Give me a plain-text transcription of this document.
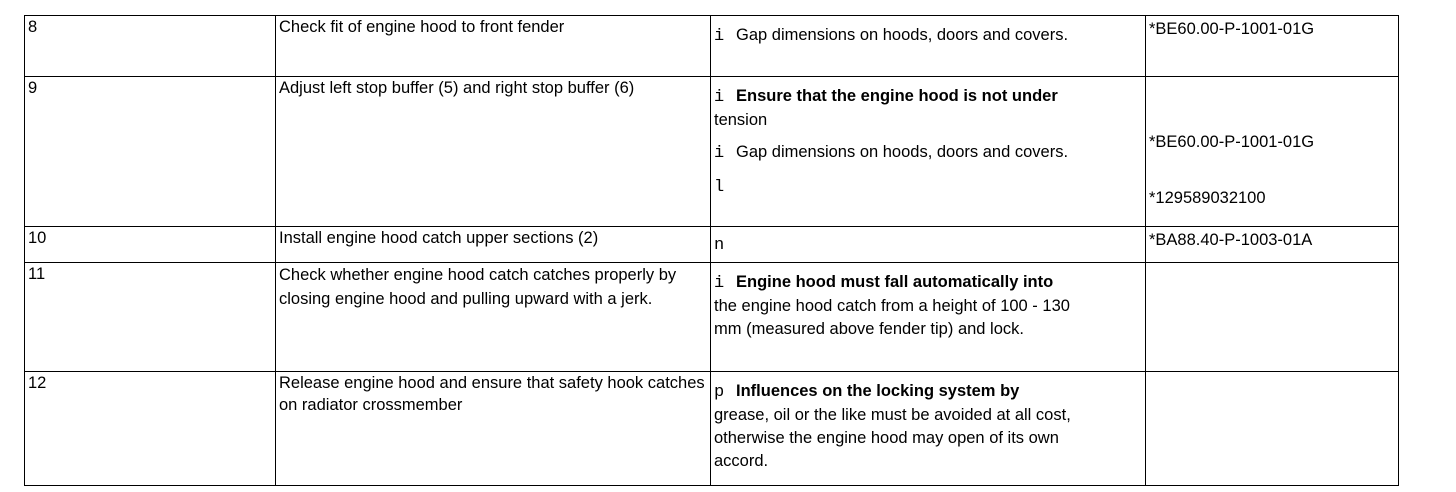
8	Check fit of engine hood to front fender	i Gap dimensions on hoods, doors and covers.	*BE60.00-P-1001-01G

9	Adjust left stop buffer (5) and right stop buffer (6)	i Ensure that the engine hood is not under
tension
i Gap dimensions on hoods, doors and covers.
l	*BE60.00-P-1001-01G
*129589032100

10	Install engine hood catch upper sections (2)	n	*BA88.40-P-1003-01A

11	Check whether engine hood catch catches properly by closing engine hood and pulling upward with a jerk.	i Engine hood must fall automatically into
the engine hood catch from a height of 100 - 130 mm (measured above fender tip) and lock.	

12	Release engine hood and ensure that safety hook catches on radiator crossmember	p Influences on the locking system by
grease, oil or the like must be avoided at all cost, otherwise the engine hood may open of its own accord.	
